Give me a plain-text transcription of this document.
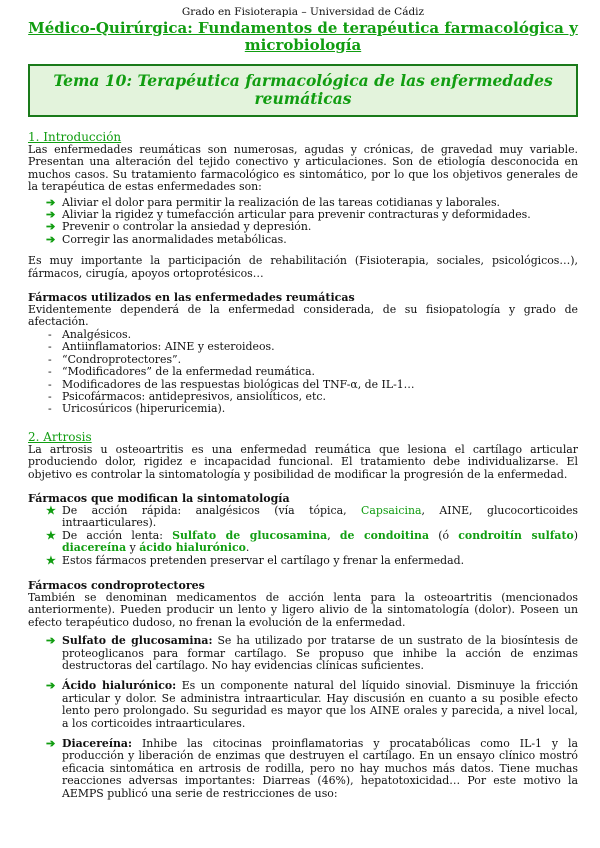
Grado en Fisioterapia – Universidad de Cádiz
Médico-Quirúrgica: Fundamentos de terapéutica farmacológica y microbiología
Tema 10: Terapéutica farmacológica de las enfermedades reumáticas
1. Introducción

Las enfermedades reumáticas son numerosas, agudas y crónicas, de gravedad muy variable. Presentan una alteración del tejido conectivo y articulaciones. Son de etiología desconocida en muchos casos. Su tratamiento farmacológico es sintomático, por lo que los objetivos generales de la terapéutica de estas enfermedades son:

➔ Aliviar el dolor para permitir la realización de las tareas cotidianas y laborales.
➔ Aliviar la rigidez y tumefacción articular para prevenir contracturas y deformidades.
➔ Prevenir o controlar la ansiedad y depresión.
➔ Corregir las anormalidades metabólicas.

Es muy importante la participación de rehabilitación (Fisioterapia, sociales, psicológicos…), fármacos, cirugía, apoyos ortoprotésicos…

Fármacos utilizados en las enfermedades reumáticas

Evidentemente dependerá de la enfermedad considerada, de su fisiopatología y grado de afectación.

- Analgésicos.
- Antiinflamatorios: AINE y esteroideos.
- “Condroprotectores”.
- “Modificadores” de la enfermedad reumática.
- Modificadores de las respuestas biológicas del TNF-α, de IL-1…
- Psicofármacos: antidepresivos, ansiolíticos, etc.
- Uricosúricos (hiperuricemia).
2. Artrosis

La artrosis u osteoartritis es una enfermedad reumática que lesiona el cartílago articular produciendo dolor, rigidez e incapacidad funcional. El tratamiento debe individualizarse. El objetivo es controlar la sintomatología y posibilidad de modificar la progresión de la enfermedad.

Fármacos que modifican la sintomatología
★ De acción rápida: analgésicos (vía tópica, Capsaicina, AINE, glucocorticoides intraarticulares).
★ De acción lenta: Sulfato de glucosamina, de condoitina (ó condroitín sulfato) diacereína y ácido hialurónico.
★ Estos fármacos pretenden preservar el cartílago y frenar la enfermedad.
Fármacos condroprotectores

También se denominan medicamentos de acción lenta para la osteoartritis (mencionados anteriormente). Pueden producir un lento y ligero alivio de la sintomatología (dolor). Poseen un efecto terapéutico dudoso, no frenan la evolución de la enfermedad.

➔ Sulfato de glucosamina: Se ha utilizado por tratarse de un sustrato de la biosíntesis de proteoglicanos para formar cartílago. Se propuso que inhibe la acción de enzimas destructoras del cartílago. No hay evidencias clínicas suficientes.
➔ Ácido hialurónico: Es un componente natural del líquido sinovial. Disminuye la fricción articular y dolor. Se administra intraarticular. Hay discusión en cuanto a su posible efecto lento pero prolongado. Su seguridad es mayor que los AINE orales y parecida, a nivel local, a los corticoides intraarticulares.
➔ Diacereína: Inhibe las citocinas proinflamatorias y procatabólicas como IL-1 y la producción y liberación de enzimas que destruyen el cartílago. En un ensayo clínico mostró eficacia sintomática en artrosis de rodilla, pero no hay muchos más datos. Tiene muchas reacciones adversas importantes: Diarreas (46%), hepatotoxicidad… Por este motivo la AEMPS publicó una serie de restricciones de uso:
